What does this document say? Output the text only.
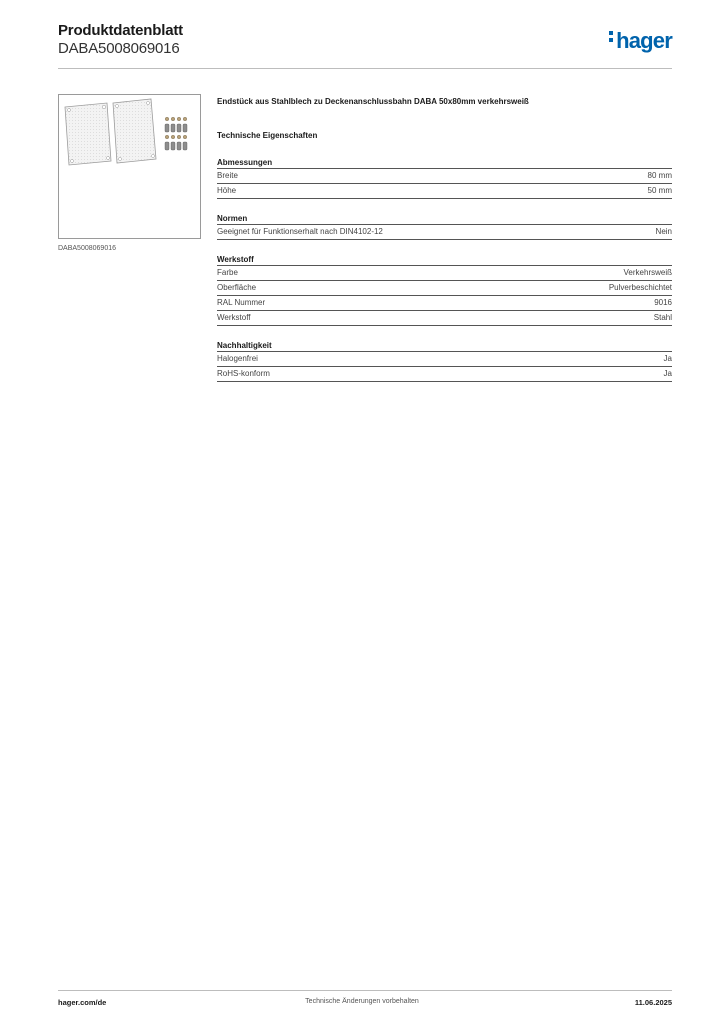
Produktdatenblatt
DABA5008069016	hager
DABA5008069016
Endstück aus Stahlblech zu Deckenanschlussbahn DABA 50x80mm verkehrsweiß
Technische Eigenschaften
Abmessungen
Breite	80 mm
Höhe	50 mm
Normen
Geeignet für Funktionserhalt nach DIN4102-12	Nein
Werkstoff
Farbe	Verkehrsweiß
Oberfläche	Pulverbeschichtet
RAL Nummer	9016
Werkstoff	Stahl
Nachhaltigkeit
Halogenfrei	Ja
RoHS-konform	Ja
hager.com/de	Technische Änderungen vorbehalten	11.06.2025
